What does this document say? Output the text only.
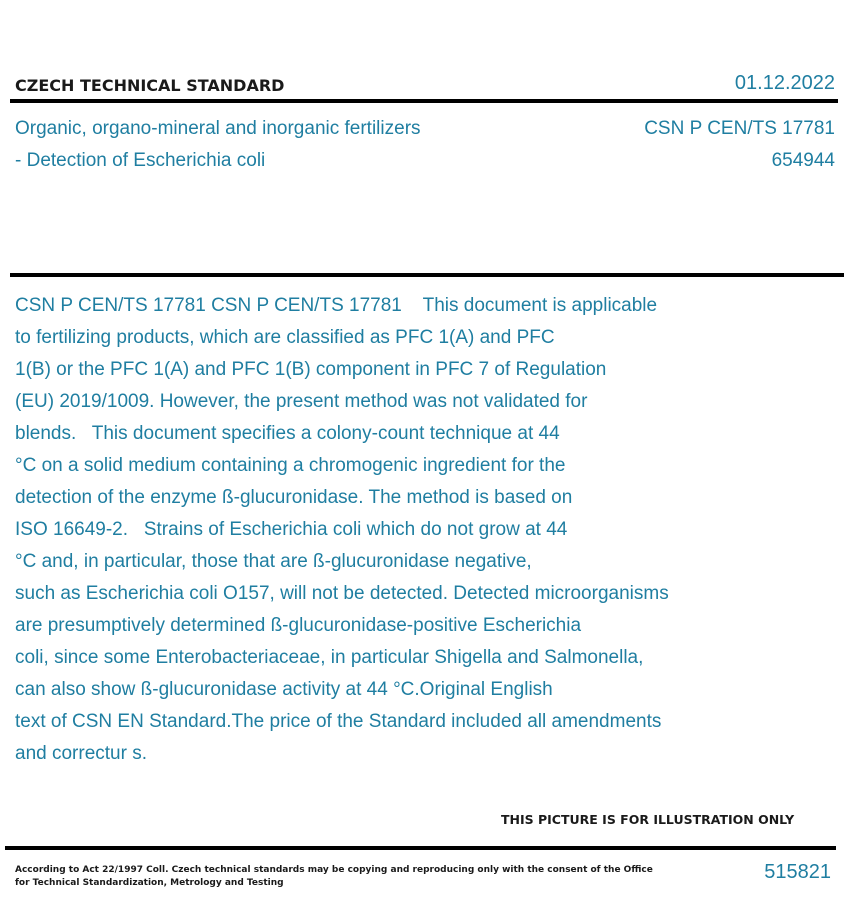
CZECH TECHNICAL STANDARD	01.12.2022
Organic, organo-mineral and inorganic fertilizers
- Detection of Escherichia coli
CSN P CEN/TS 17781
654944
CSN P CEN/TS 17781 CSN P CEN/TS 17781    This document is applicable
to fertilizing products, which are classified as PFC 1(A) and PFC
1(B) or the PFC 1(A) and PFC 1(B) component in PFC 7 of Regulation
(EU) 2019/1009. However, the present method was not validated for
blends.   This document specifies a colony-count technique at 44
°C on a solid medium containing a chromogenic ingredient for the
detection of the enzyme ß-glucuronidase. The method is based on
ISO 16649-2.   Strains of Escherichia coli which do not grow at 44
°C and, in particular, those that are ß-glucuronidase negative,
such as Escherichia coli O157, will not be detected. Detected microorganisms
are presumptively determined ß-glucuronidase-positive Escherichia
coli, since some Enterobacteriaceae, in particular Shigella and Salmonella,
can also show ß-glucuronidase activity at 44 °C.Original English
text of CSN EN Standard.The price of the Standard included all amendments
and correctur s.
THIS PICTURE IS FOR ILLUSTRATION ONLY
According to Act 22/1997 Coll. Czech technical standards may be copying and reproducing only with the consent of the Office
for Technical Standardization, Metrology and Testing	515821
